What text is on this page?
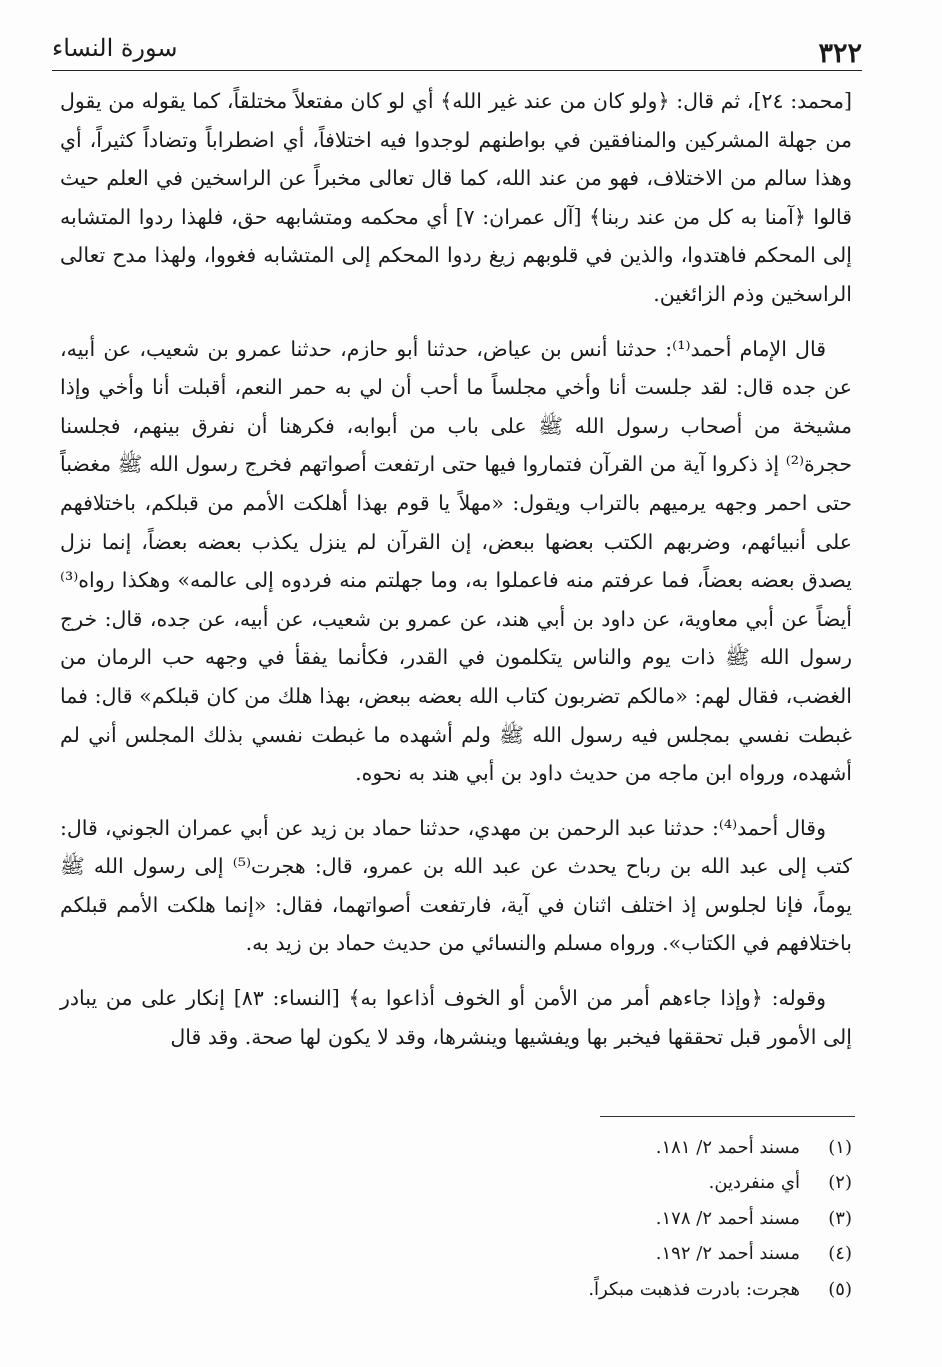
٣٢٢
سورة النساء

[محمد: ٢٤]، ثم قال: ﴿ولو كان من عند غير الله﴾ أي لو كان مفتعلاً مختلقاً، كما يقوله من يقول من جهلة المشركين والمنافقين في بواطنهم لوجدوا فيه اختلافاً، أي اضطراباً وتضاداً كثيراً، أي وهذا سالم من الاختلاف، فهو من عند الله، كما قال تعالى مخبراً عن الراسخين في العلم حيث قالوا ﴿آمنا به كل من عند ربنا﴾ [آل عمران: ٧] أي محكمه ومتشابهه حق، فلهذا ردوا المتشابه إلى المحكم فاهتدوا، والذين في قلوبهم زيغ ردوا المحكم إلى المتشابه فغووا، ولهذا مدح تعالى الراسخين وذم الزائغين.

قال الإمام أحمد⁽¹⁾: حدثنا أنس بن عياض، حدثنا أبو حازم، حدثنا عمرو بن شعيب، عن أبيه، عن جده قال: لقد جلست أنا وأخي مجلساً ما أحب أن لي به حمر النعم، أقبلت أنا وأخي وإذا مشيخة من أصحاب رسول الله ﷺ على باب من أبوابه، فكرهنا أن نفرق بينهم، فجلسنا حجرة⁽²⁾ إذ ذكروا آية من القرآن فتماروا فيها حتى ارتفعت أصواتهم فخرج رسول الله ﷺ مغضباً حتى احمر وجهه يرميهم بالتراب ويقول: «مهلاً يا قوم بهذا أهلكت الأمم من قبلكم، باختلافهم على أنبيائهم، وضربهم الكتب بعضها ببعض، إن القرآن لم ينزل يكذب بعضه بعضاً، إنما نزل يصدق بعضه بعضاً، فما عرفتم منه فاعملوا به، وما جهلتم منه فردوه إلى عالمه» وهكذا رواه⁽³⁾ أيضاً عن أبي معاوية، عن داود بن أبي هند، عن عمرو بن شعيب، عن أبيه، عن جده، قال: خرج رسول الله ﷺ ذات يوم والناس يتكلمون في القدر، فكأنما يفقأ في وجهه حب الرمان من الغضب، فقال لهم: «مالكم تضربون كتاب الله بعضه ببعض، بهذا هلك من كان قبلكم» قال: فما غبطت نفسي بمجلس فيه رسول الله ﷺ ولم أشهده ما غبطت نفسي بذلك المجلس أني لم أشهده، ورواه ابن ماجه من حديث داود بن أبي هند به نحوه.

وقال أحمد⁽⁴⁾: حدثنا عبد الرحمن بن مهدي، حدثنا حماد بن زيد عن أبي عمران الجوني، قال: كتب إلى عبد الله بن رباح يحدث عن عبد الله بن عمرو، قال: هجرت⁽⁵⁾ إلى رسول الله ﷺ يوماً، فإنا لجلوس إذ اختلف اثنان في آية، فارتفعت أصواتهما، فقال: «إنما هلكت الأمم قبلكم باختلافهم في الكتاب». ورواه مسلم والنسائي من حديث حماد بن زيد به.

وقوله: ﴿وإذا جاءهم أمر من الأمن أو الخوف أذاعوا به﴾ [النساء: ٨٣] إنكار على من يبادر إلى الأمور قبل تحققها فيخبر بها ويفشيها وينشرها، وقد لا يكون لها صحة. وقد قال

(١)مسند أحمد ٢/ ١٨١.
(٢)أي منفردين.
(٣)مسند أحمد ٢/ ١٧٨.
(٤)مسند أحمد ٢/ ١٩٢.
(٥)هجرت: بادرت فذهبت مبكراً.
